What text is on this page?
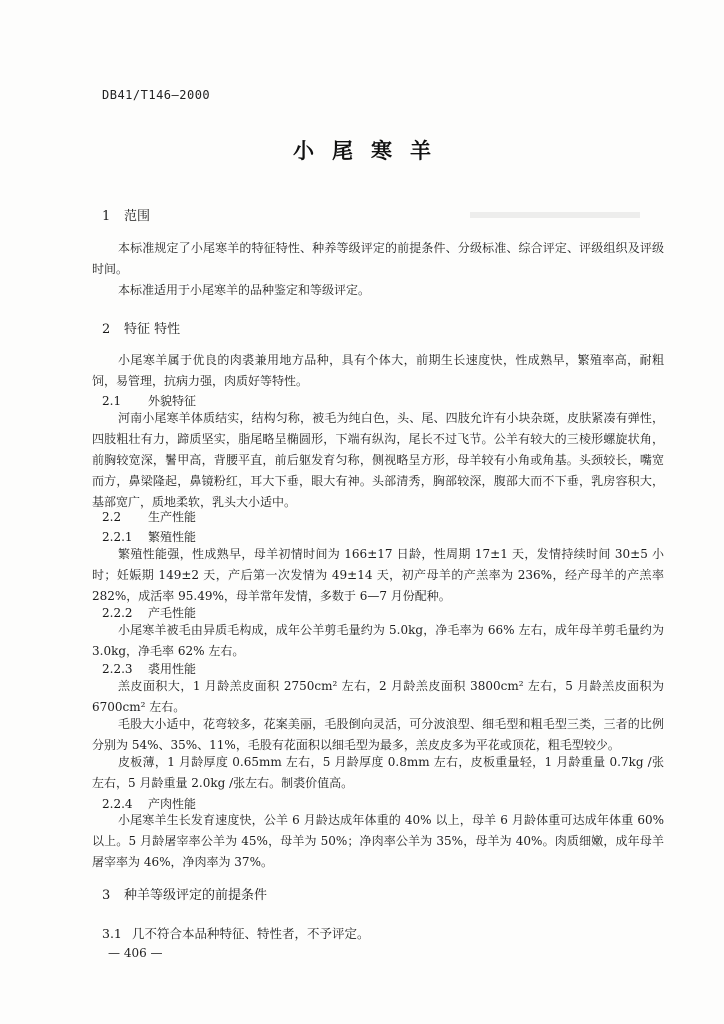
DB41/T146—2000
小尾寒羊
1 范围

本标准规定了小尾寒羊的特征特性、种养等级评定的前提条件、分级标准、综合评定、评级组织及评级时间。

本标准适用于小尾寒羊的品种鉴定和等级评定。

2 特征 特性

小尾寒羊属于优良的肉裘兼用地方品种，具有个体大，前期生长速度快，性成熟早，繁殖率高，耐粗饲，易管理，抗病力强，肉质好等特性。

2.1 外貌特征

河南小尾寒羊体质结实，结构匀称，被毛为纯白色，头、尾、四肢允许有小块杂斑，皮肤紧凑有弹性，四肢粗壮有力，蹄质坚实，脂尾略呈椭圆形，下端有纵沟，尾长不过飞节。公羊有较大的三棱形螺旋状角，前胸较宽深，鬐甲高，背腰平直，前后躯发育匀称，侧视略呈方形，母羊较有小角或角基。头颈较长，嘴宽而方，鼻梁隆起，鼻镜粉红，耳大下垂，眼大有神。头部清秀，胸部较深，腹部大而不下垂，乳房容积大，基部宽广，质地柔软，乳头大小适中。

2.2 生产性能
2.2.1 繁殖性能

繁殖性能强，性成熟早，母羊初情时间为 166±17 日龄，性周期 17±1 天，发情持续时间 30±5 小时；妊娠期 149±2 天，产后第一次发情为 49±14 天，初产母羊的产羔率为 236%，经产母羊的产羔率 282%，成活率 95.49%，母羊常年发情，多数于 6—7 月份配种。

2.2.2 产毛性能

小尾寒羊被毛由异质毛构成，成年公羊剪毛量约为 5.0kg，净毛率为 66% 左右，成年母羊剪毛量约为 3.0kg，净毛率 62% 左右。

2.2.3 裘用性能

羔皮面积大，1 月龄羔皮面积 2750cm² 左右，2 月龄羔皮面积 3800cm² 左右，5 月龄羔皮面积为 6700cm² 左右。

毛股大小适中，花弯较多，花案美丽，毛股倒向灵活，可分波浪型、细毛型和粗毛型三类，三者的比例分别为 54%、35%、11%，毛股有花面积以细毛型为最多，羔皮皮多为平花或顶花，粗毛型较少。

皮板薄，1 月龄厚度 0.65mm 左右，5 月龄厚度 0.8mm 左右，皮板重量轻，1 月龄重量 0.7kg /张左右，5 月龄重量 2.0kg /张左右。制裘价值高。

2.2.4 产肉性能

小尾寒羊生长发育速度快，公羊 6 月龄达成年体重的 40% 以上，母羊 6 月龄体重可达成年体重 60% 以上。5 月龄屠宰率公羊为 45%，母羊为 50%；净肉率公羊为 35%，母羊为 40%。肉质细嫩，成年母羊屠宰率为 46%，净肉率为 37%。

3 种羊等级评定的前提条件
3.1 几不符合本品种特征、特性者，不予评定。
— 406 —
